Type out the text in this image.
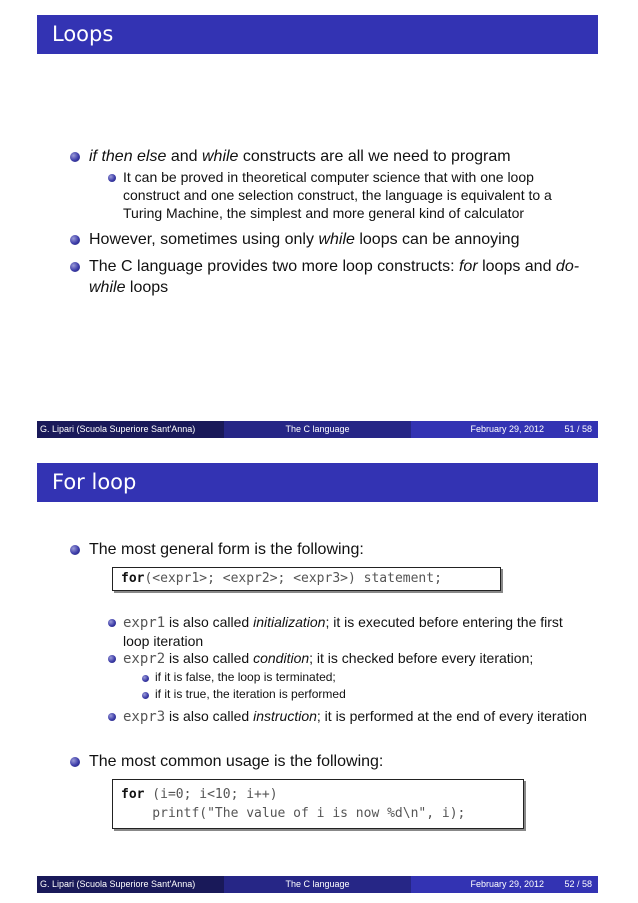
Loops
if then else and while constructs are all we need to program
It can be proved in theoretical computer science that with one loop construct and one selection construct, the language is equivalent to a Turing Machine, the simplest and more general kind of calculator
However, sometimes using only while loops can be annoying
The C language provides two more loop constructs: for loops and do-while loops
G. Lipari (Scuola Superiore Sant'Anna)	The C language	February 29, 2012 51 / 58
For loop
The most general form is the following:
for(<expr1>; <expr2>; <expr3>) statement;
expr1 is also called initialization; it is executed before entering the first loop iteration
expr2 is also called condition; it is checked before every iteration;
if it is false, the loop is terminated;
if it is true, the iteration is performed
expr3 is also called instruction; it is performed at the end of every iteration
The most common usage is the following:
for (i=0; i<10; i++)
printf("The value of i is now %d\n", i);
G. Lipari (Scuola Superiore Sant'Anna)	The C language	February 29, 2012 52 / 58
